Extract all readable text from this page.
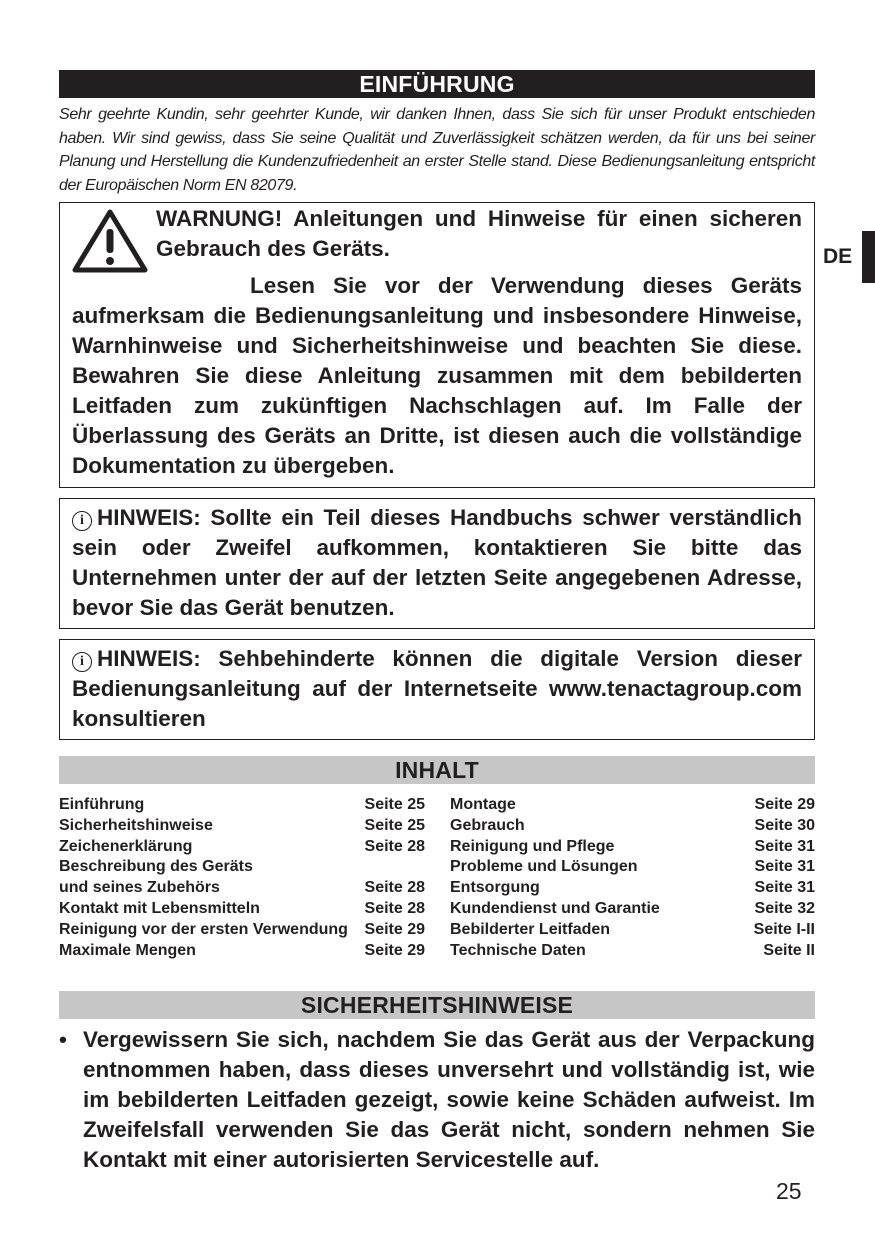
EINFÜHRUNG

Sehr geehrte Kundin, sehr geehrter Kunde, wir danken Ihnen, dass Sie sich für unser Produkt entschieden haben. Wir sind gewiss, dass Sie seine Qualität und Zuverlässigkeit schätzen werden, da für uns bei seiner Planung und Herstellung die Kundenzufriedenheit an erster Stelle stand. Diese Bedienungsanleitung entspricht der Europäischen Norm EN 82079.

WARNUNG! Anleitungen und Hinweise für einen sicheren Gebrauch des Geräts.

Lesen Sie vor der Verwendung dieses Geräts aufmerksam die Bedienungsanleitung und insbesondere Hinweise, Warnhinweise und Sicherheitshinweise und beachten Sie diese. Bewahren Sie diese Anleitung zusammen mit dem bebilderten Leitfaden zum zukünftigen Nachschlagen auf. Im Falle der Überlassung des Geräts an Dritte, ist diesen auch die vollständige Dokumentation zu übergeben.

i HINWEIS: Sollte ein Teil dieses Handbuchs schwer verständlich sein oder Zweifel aufkommen, kontaktieren Sie bitte das Unternehmen unter der auf der letzten Seite angegebenen Adresse, bevor Sie das Gerät benutzen.
i HINWEIS: Sehbehinderte können die digitale Version dieser Bedienungsanleitung auf der Internetseite www.tenactagroup.com konsultieren
INHALT
Einführung	Seite 25
Sicherheitshinweise	Seite 25
Zeichenerklärung	Seite 28
Beschreibung des Geräts
und seines Zubehörs	Seite 28
Kontakt mit Lebensmitteln	Seite 28
Reinigung vor der ersten Verwendung Seite 29
Maximale Mengen	Seite 29
Montage	Seite 29
Gebrauch	Seite 30
Reinigung und Pflege	Seite 31
Probleme und Lösungen	Seite 31
Entsorgung	Seite 31
Kundendienst und Garantie	Seite 32
Bebilderter Leitfaden	Seite I-II
Technische Daten	Seite II
SICHERHEITSHINWEISE
• Vergewissern Sie sich, nachdem Sie das Gerät aus der Verpackung entnommen haben, dass dieses unversehrt und vollständig ist, wie im bebilderten Leitfaden gezeigt, sowie keine Schäden aufweist. Im Zweifelsfall verwenden Sie das Gerät nicht, sondern nehmen Sie Kontakt mit einer autorisierten Servicestelle auf.
DE
25
